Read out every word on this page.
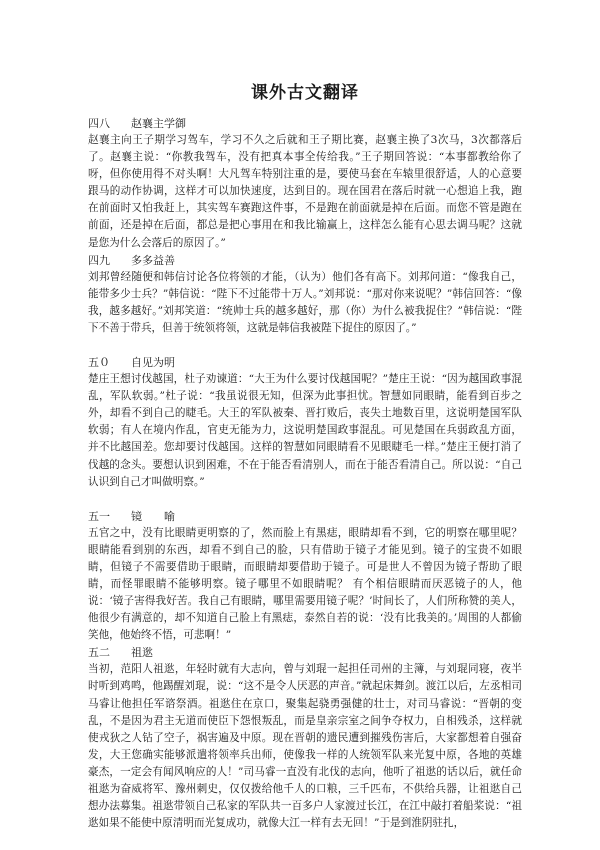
课外古文翻译

四八 赵襄主学御

赵襄主向王子期学习驾车，学习不久之后就和王子期比赛，赵襄主换了3次马，3次都落后了。赵襄主说：“你教我驾车，没有把真本事全传给我。”王子期回答说：“本事都教给你了呀，但你使用得不对头啊！大凡驾车特别注重的是，要使马套在车辕里很舒适，人的心意要跟马的动作协调，这样才可以加快速度，达到目的。现在国君在落后时就一心想追上我，跑在前面时又怕我赶上，其实驾车赛跑这件事，不是跑在前面就是掉在后面。而您不管是跑在前面，还是掉在后面，都总是把心事用在和我比输赢上，这样怎么能有心思去调马呢？这就是您为什么会落后的原因了。”

四九 多多益善

刘邦曾经随便和韩信讨论各位将领的才能，（认为）他们各有高下。刘邦问道：“像我自己，能带多少士兵？”韩信说：“陛下不过能带十万人。”刘邦说：“那对你来说呢？”韩信回答：“像我，越多越好。”刘邦笑道：“统帅士兵的越多越好，那（你）为什么被我捉住？”韩信说：“陛下不善于带兵，但善于统领将领，这就是韩信我被陛下捉住的原因了。”

五０ 自见为明

楚庄王想讨伐越国，杜子劝谏道：“大王为什么要讨伐越国呢？”楚庄王说：“因为越国政事混乱，军队软弱。”杜子说：“我虽说很无知，但深为此事担忧。智慧如同眼睛，能看到百步之外，却看不到自己的睫毛。大王的军队被秦、晋打败后，丧失土地数百里，这说明楚国军队软弱；有人在境内作乱，官吏无能为力，这说明楚国政事混乱。可见楚国在兵弱政乱方面，并不比越国差。您却要讨伐越国。这样的智慧如同眼睛看不见眼睫毛一样。”楚庄王便打消了伐越的念头。要想认识到困难，不在于能否看清别人，而在于能否看清自己。所以说：“自己认识到自己才叫做明察。”

五一 镜　　喻

五官之中，没有比眼睛更明察的了，然而脸上有黑痣，眼睛却看不到，它的明察在哪里呢？眼睛能看到别的东西，却看不到自己的脸，只有借助于镜子才能见到。镜子的宝贵不如眼睛，但镜子不需要借助于眼睛，而眼睛却要借助于镜子。可是世人不曾因为镜子帮助了眼睛，而怪罪眼睛不能够明察。镜子哪里不如眼睛呢？ 有个相信眼睛而厌恶镜子的人，他说：‘镜子害得我好苦。我自己有眼睛，哪里需要用镜子呢？’时间长了，人们所称赞的美人，他很少有满意的，却不知道自己脸上有黑痣，泰然自若的说：‘没有比我美的。’周围的人都偷笑他，他始终不悟，可悲啊！”

五二 祖逖

当初，范阳人祖逖，年轻时就有大志向，曾与刘琨一起担任司州的主簿，与刘琨同寝，夜半时听到鸡鸣，他踢醒刘琨，说：“这不是令人厌恶的声音。”就起床舞剑。渡江以后，左丞相司马睿让他担任军谘祭酒。祖逖住在京口，聚集起骁勇强健的壮士，对司马睿说：“晋朝的变乱，不是因为君主无道而使臣下怨恨叛乱，而是皇亲宗室之间争夺权力，自相残杀，这样就使戎狄之人钻了空子，祸害遍及中原。现在晋朝的遗民遭到摧残伤害后，大家都想着自强奋发，大王您确实能够派遣将领率兵出师，使像我一样的人统领军队来光复中原，各地的英雄豪杰，一定会有闻风响应的人！”司马睿一直没有北伐的志向，他听了祖逖的话以后，就任命祖逖为奋威将军、豫州刺史，仅仅拨给他千人的口粮，三千匹布，不供给兵器，让祖逖自己想办法募集。祖逖带领自己私家的军队共一百多户人家渡过长江，在江中敲打着船桨说：“祖逖如果不能使中原清明而光复成功，就像大江一样有去无回！”于是到淮阴驻扎，
